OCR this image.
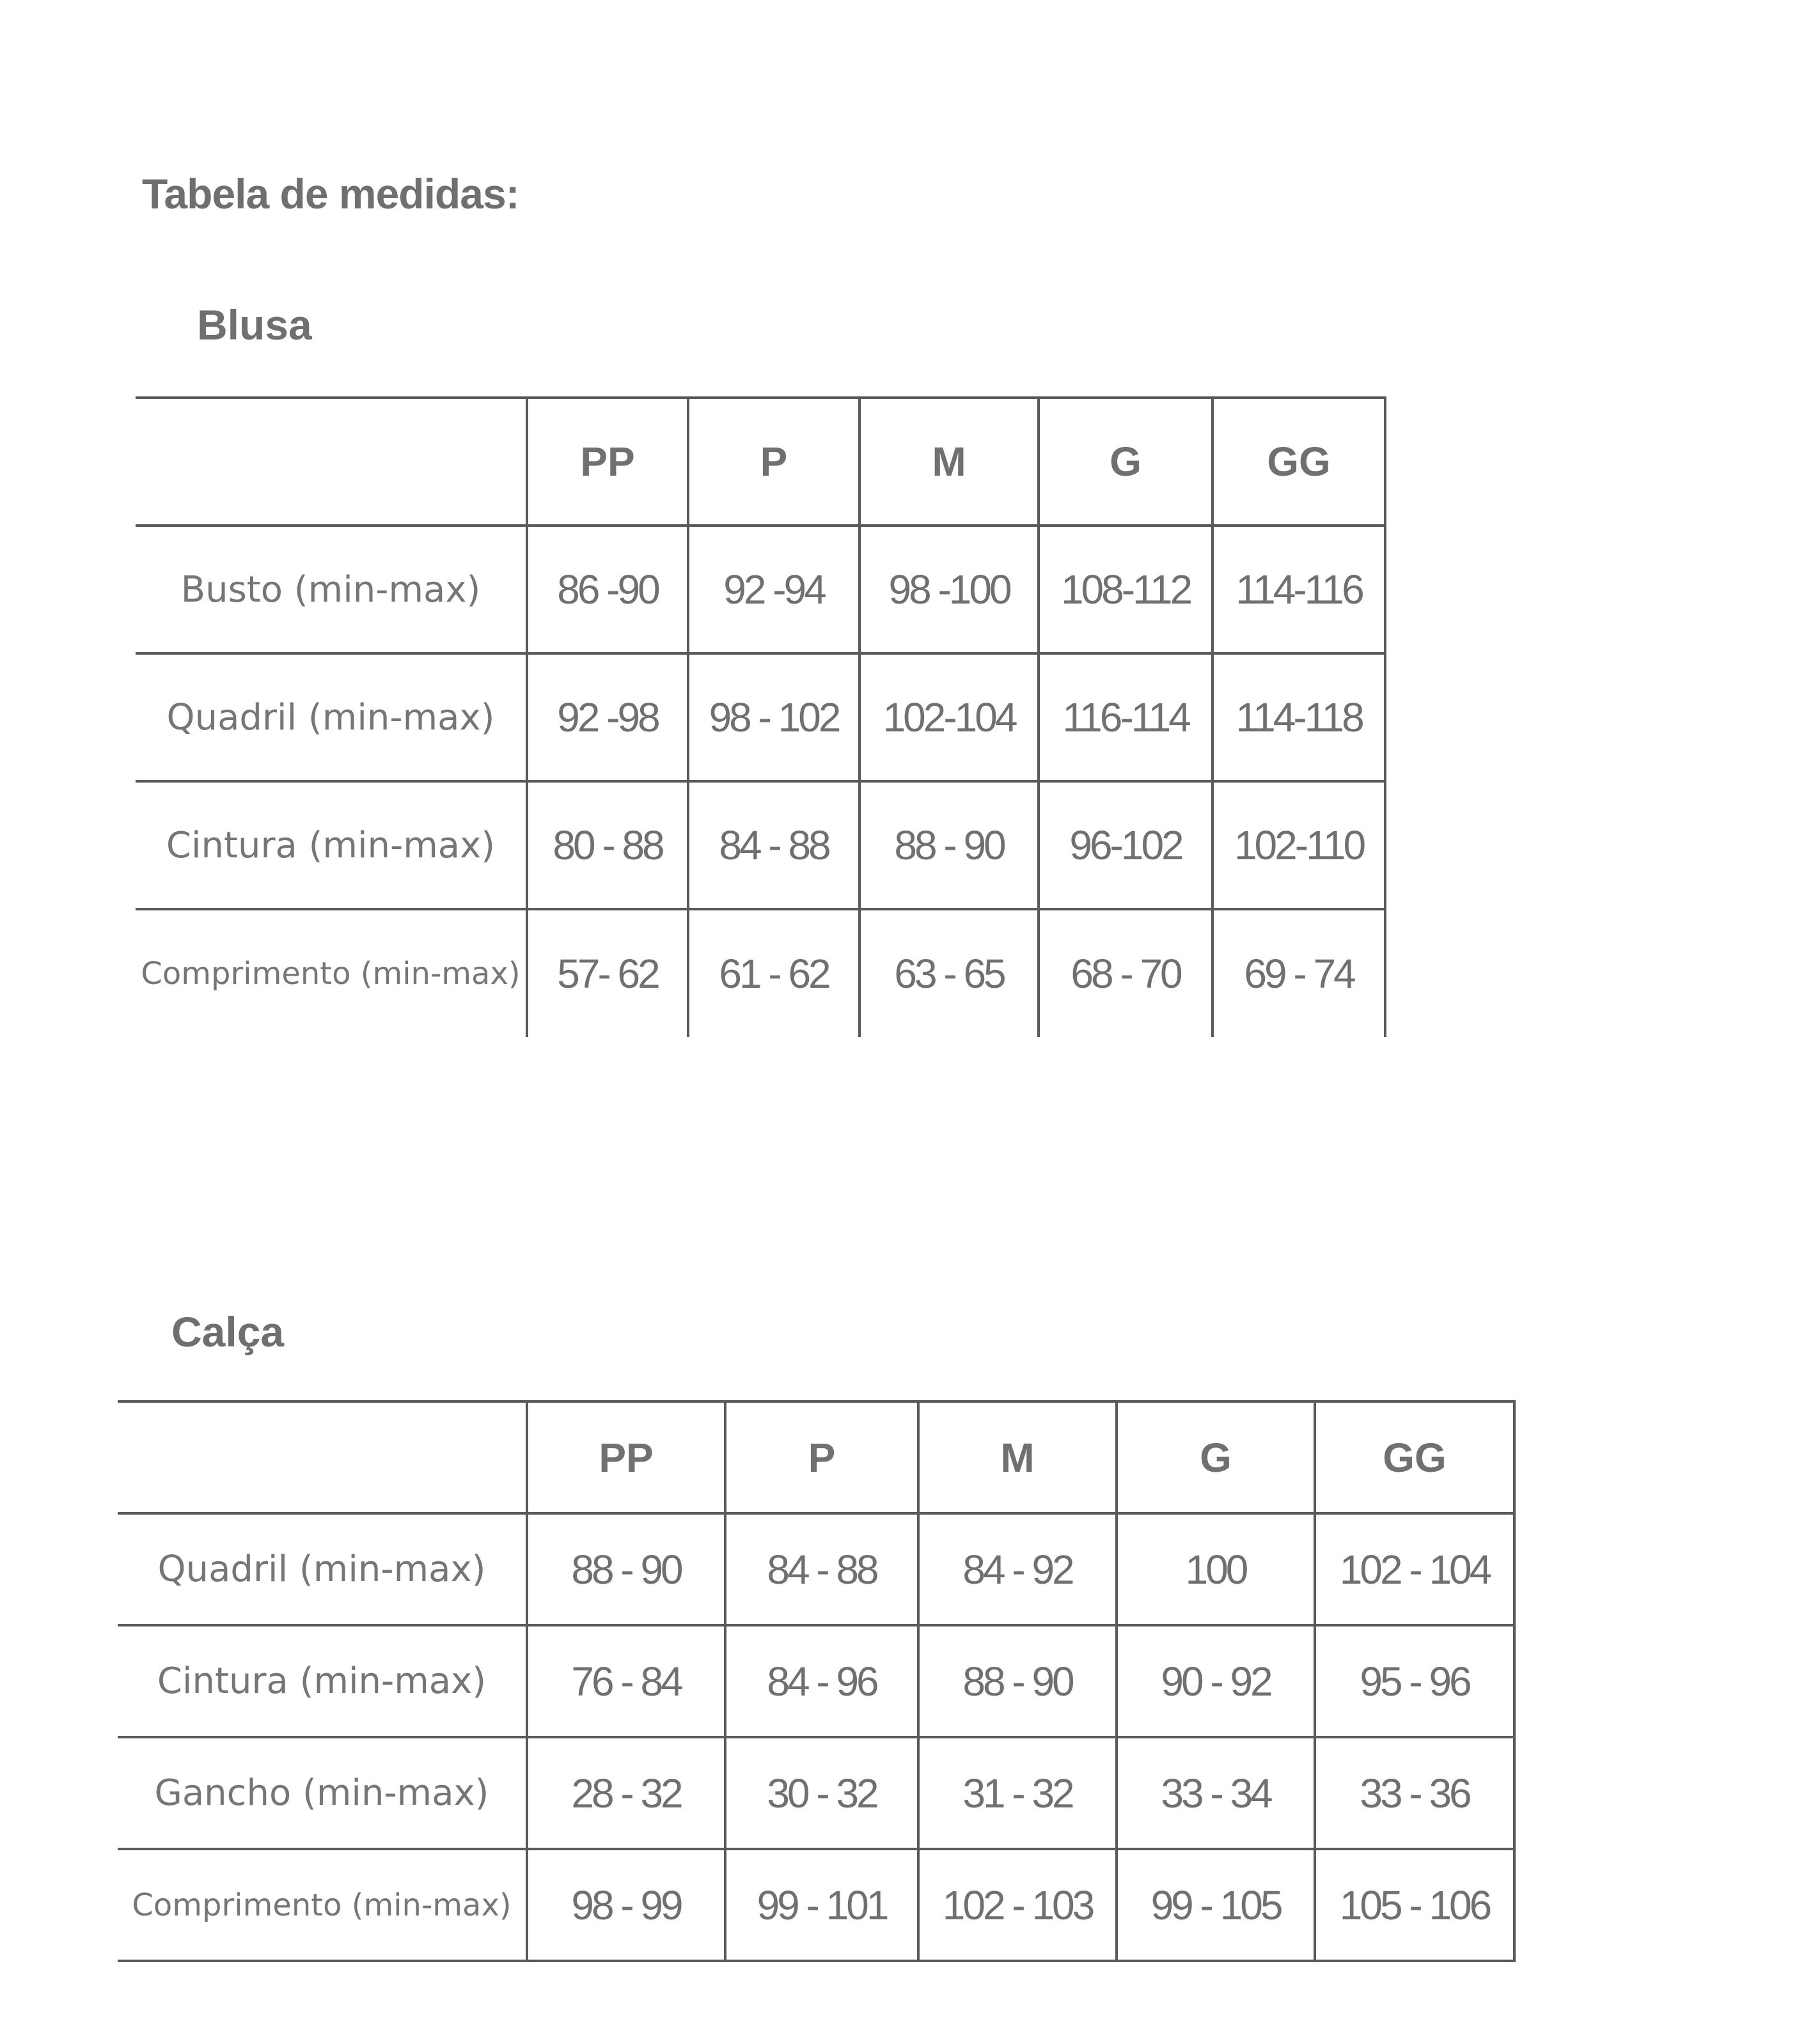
Tabela de medidas:
Blusa
	PP	P	M	G	GG
Busto (min-max)	86 -90	92 -94	98 -100	108-112	114-116
Quadril (min-max)	92 -98	98 - 102	102-104	116-114	114-118
Cintura (min-max)	80 - 88	84 - 88	88 - 90	96-102	102-110
Comprimento (min-max)	57- 62	61 - 62	63 - 65	68 - 70	69 - 74
Calça
	PP	P	M	G	GG
Quadril (min-max)	88 - 90	84 - 88	84 - 92	100	102 - 104
Cintura (min-max)	76 - 84	84 - 96	88 - 90	90 - 92	95 - 96
Gancho (min-max)	28 - 32	30 - 32	31 - 32	33 - 34	33 - 36
Comprimento (min-max)	98 - 99	99 - 101	102 - 103	99 - 105	105 - 106
